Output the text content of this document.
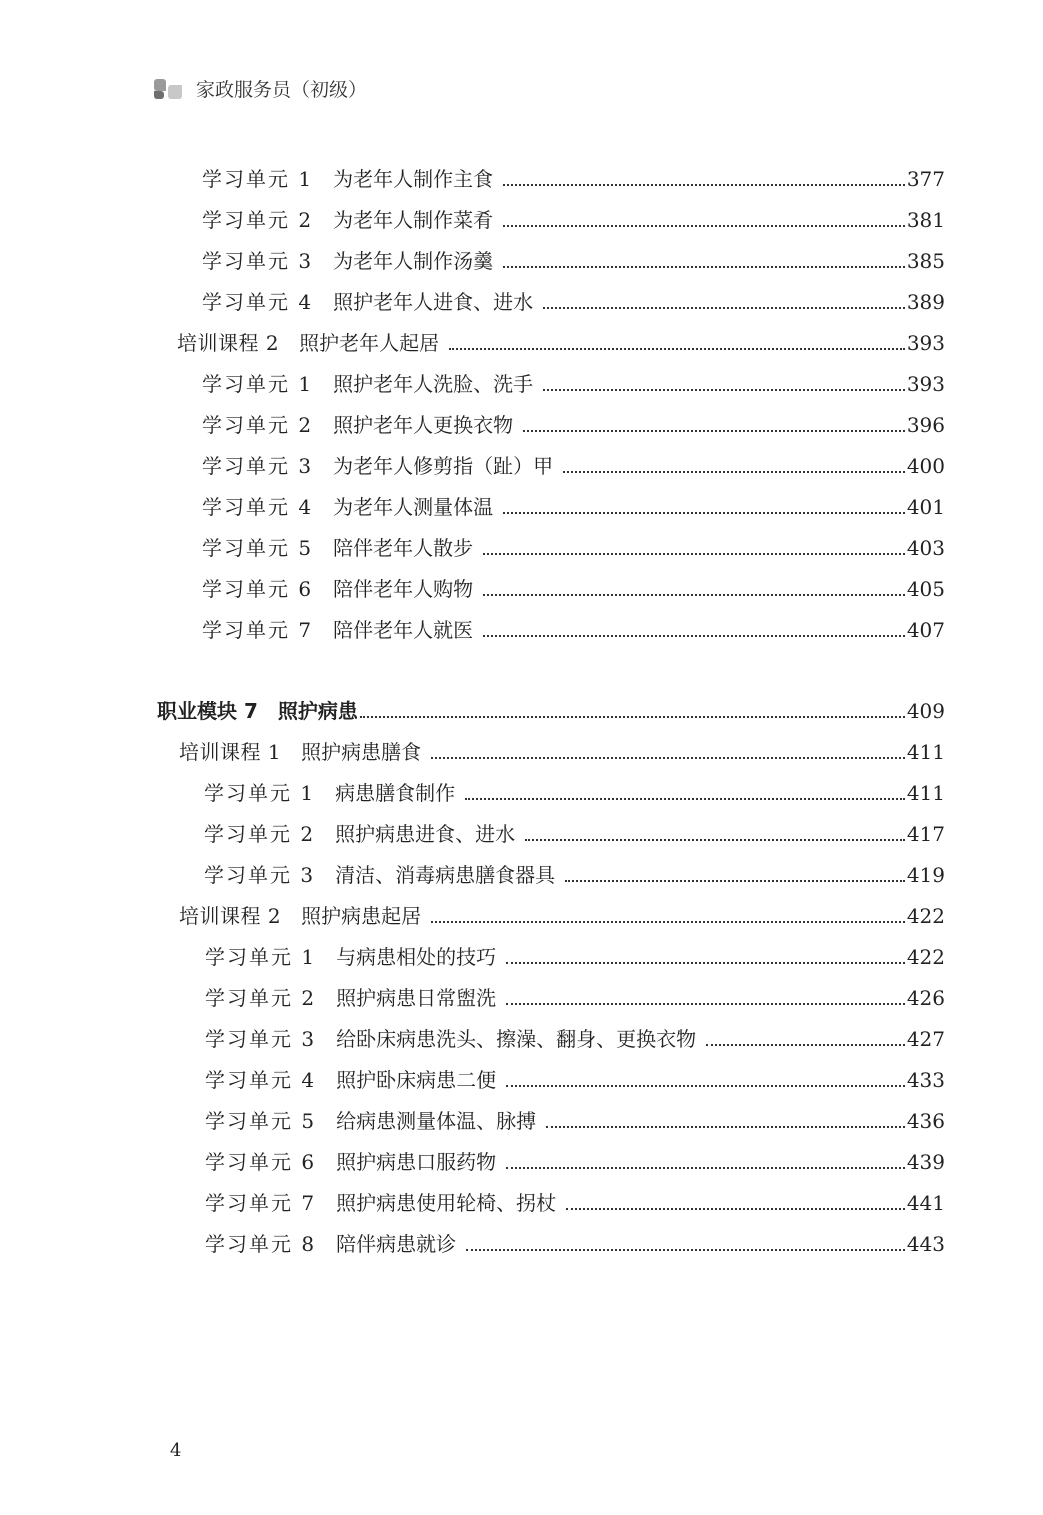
家政服务员（初级）
学习单元 1 为老年人制作主食	377
学习单元 2 为老年人制作菜肴	381
学习单元 3 为老年人制作汤羹	385
学习单元 4 照护老年人进食、进水	389
培训课程 2 照护老年人起居	393
学习单元 1 照护老年人洗脸、洗手	393
学习单元 2 照护老年人更换衣物	396
学习单元 3 为老年人修剪指（趾）甲	400
学习单元 4 为老年人测量体温	401
学习单元 5 陪伴老年人散步	403
学习单元 6 陪伴老年人购物	405
学习单元 7 陪伴老年人就医	407
职业模块 7 照护病患	409
培训课程 1 照护病患膳食	411
学习单元 1 病患膳食制作	411
学习单元 2 照护病患进食、进水	417
学习单元 3 清洁、消毒病患膳食器具	419
培训课程 2 照护病患起居	422
学习单元 1 与病患相处的技巧	422
学习单元 2 照护病患日常盥洗	426
学习单元 3 给卧床病患洗头、擦澡、翻身、更换衣物	427
学习单元 4 照护卧床病患二便	433
学习单元 5 给病患测量体温、脉搏	436
学习单元 6 照护病患口服药物	439
学习单元 7 照护病患使用轮椅、拐杖	441
学习单元 8 陪伴病患就诊	443
4
